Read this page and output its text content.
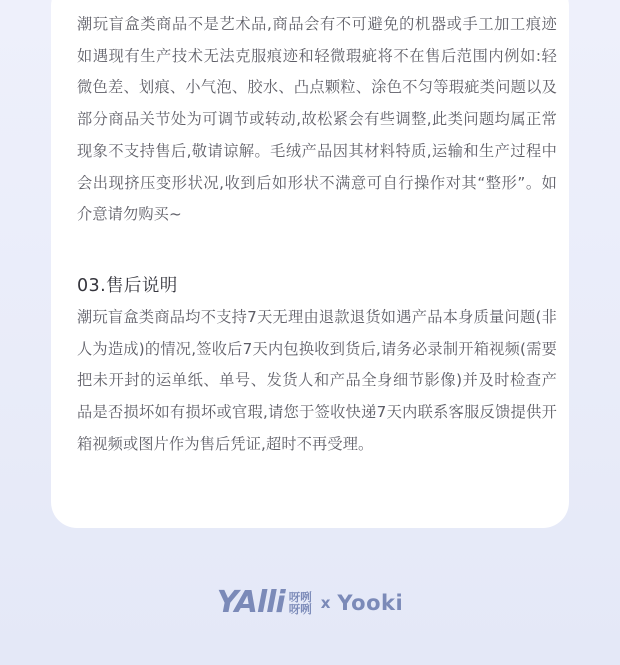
潮玩盲盒类商品不是艺术品,商品会有不可避免的机器或手工加工痕迹如遇现有生产技术无法克服痕迹和轻微瑕疵将不在售后范围内例如:轻微色差、划痕、小气泡、胶水、凸点颗粒、涂色不匀等瑕疵类问题以及部分商品关节处为可调节或转动,故松紧会有些调整,此类问题均属正常现象不支持售后,敬请谅解。毛绒产品因其材料特质,运输和生产过程中会出现挤压变形状况,收到后如形状不满意可自行操作对其“整形”。如介意请勿购买~

03.售后说明

潮玩盲盒类商品均不支持7天无理由退款退货如遇产品本身质量问题(非人为造成)的情况,签收后7天内包换收到货后,请务必录制开箱视频(需要把未开封的运单纸、单号、发货人和产品全身细节影像)并及时检查产品是否损坏如有损坏或官瑕,请您于签收快递7天内联系客服反馈提供开箱视频或图片作为售后凭证,超时不再受理。

YAlli 呀咧
呀咧 x Yooki
